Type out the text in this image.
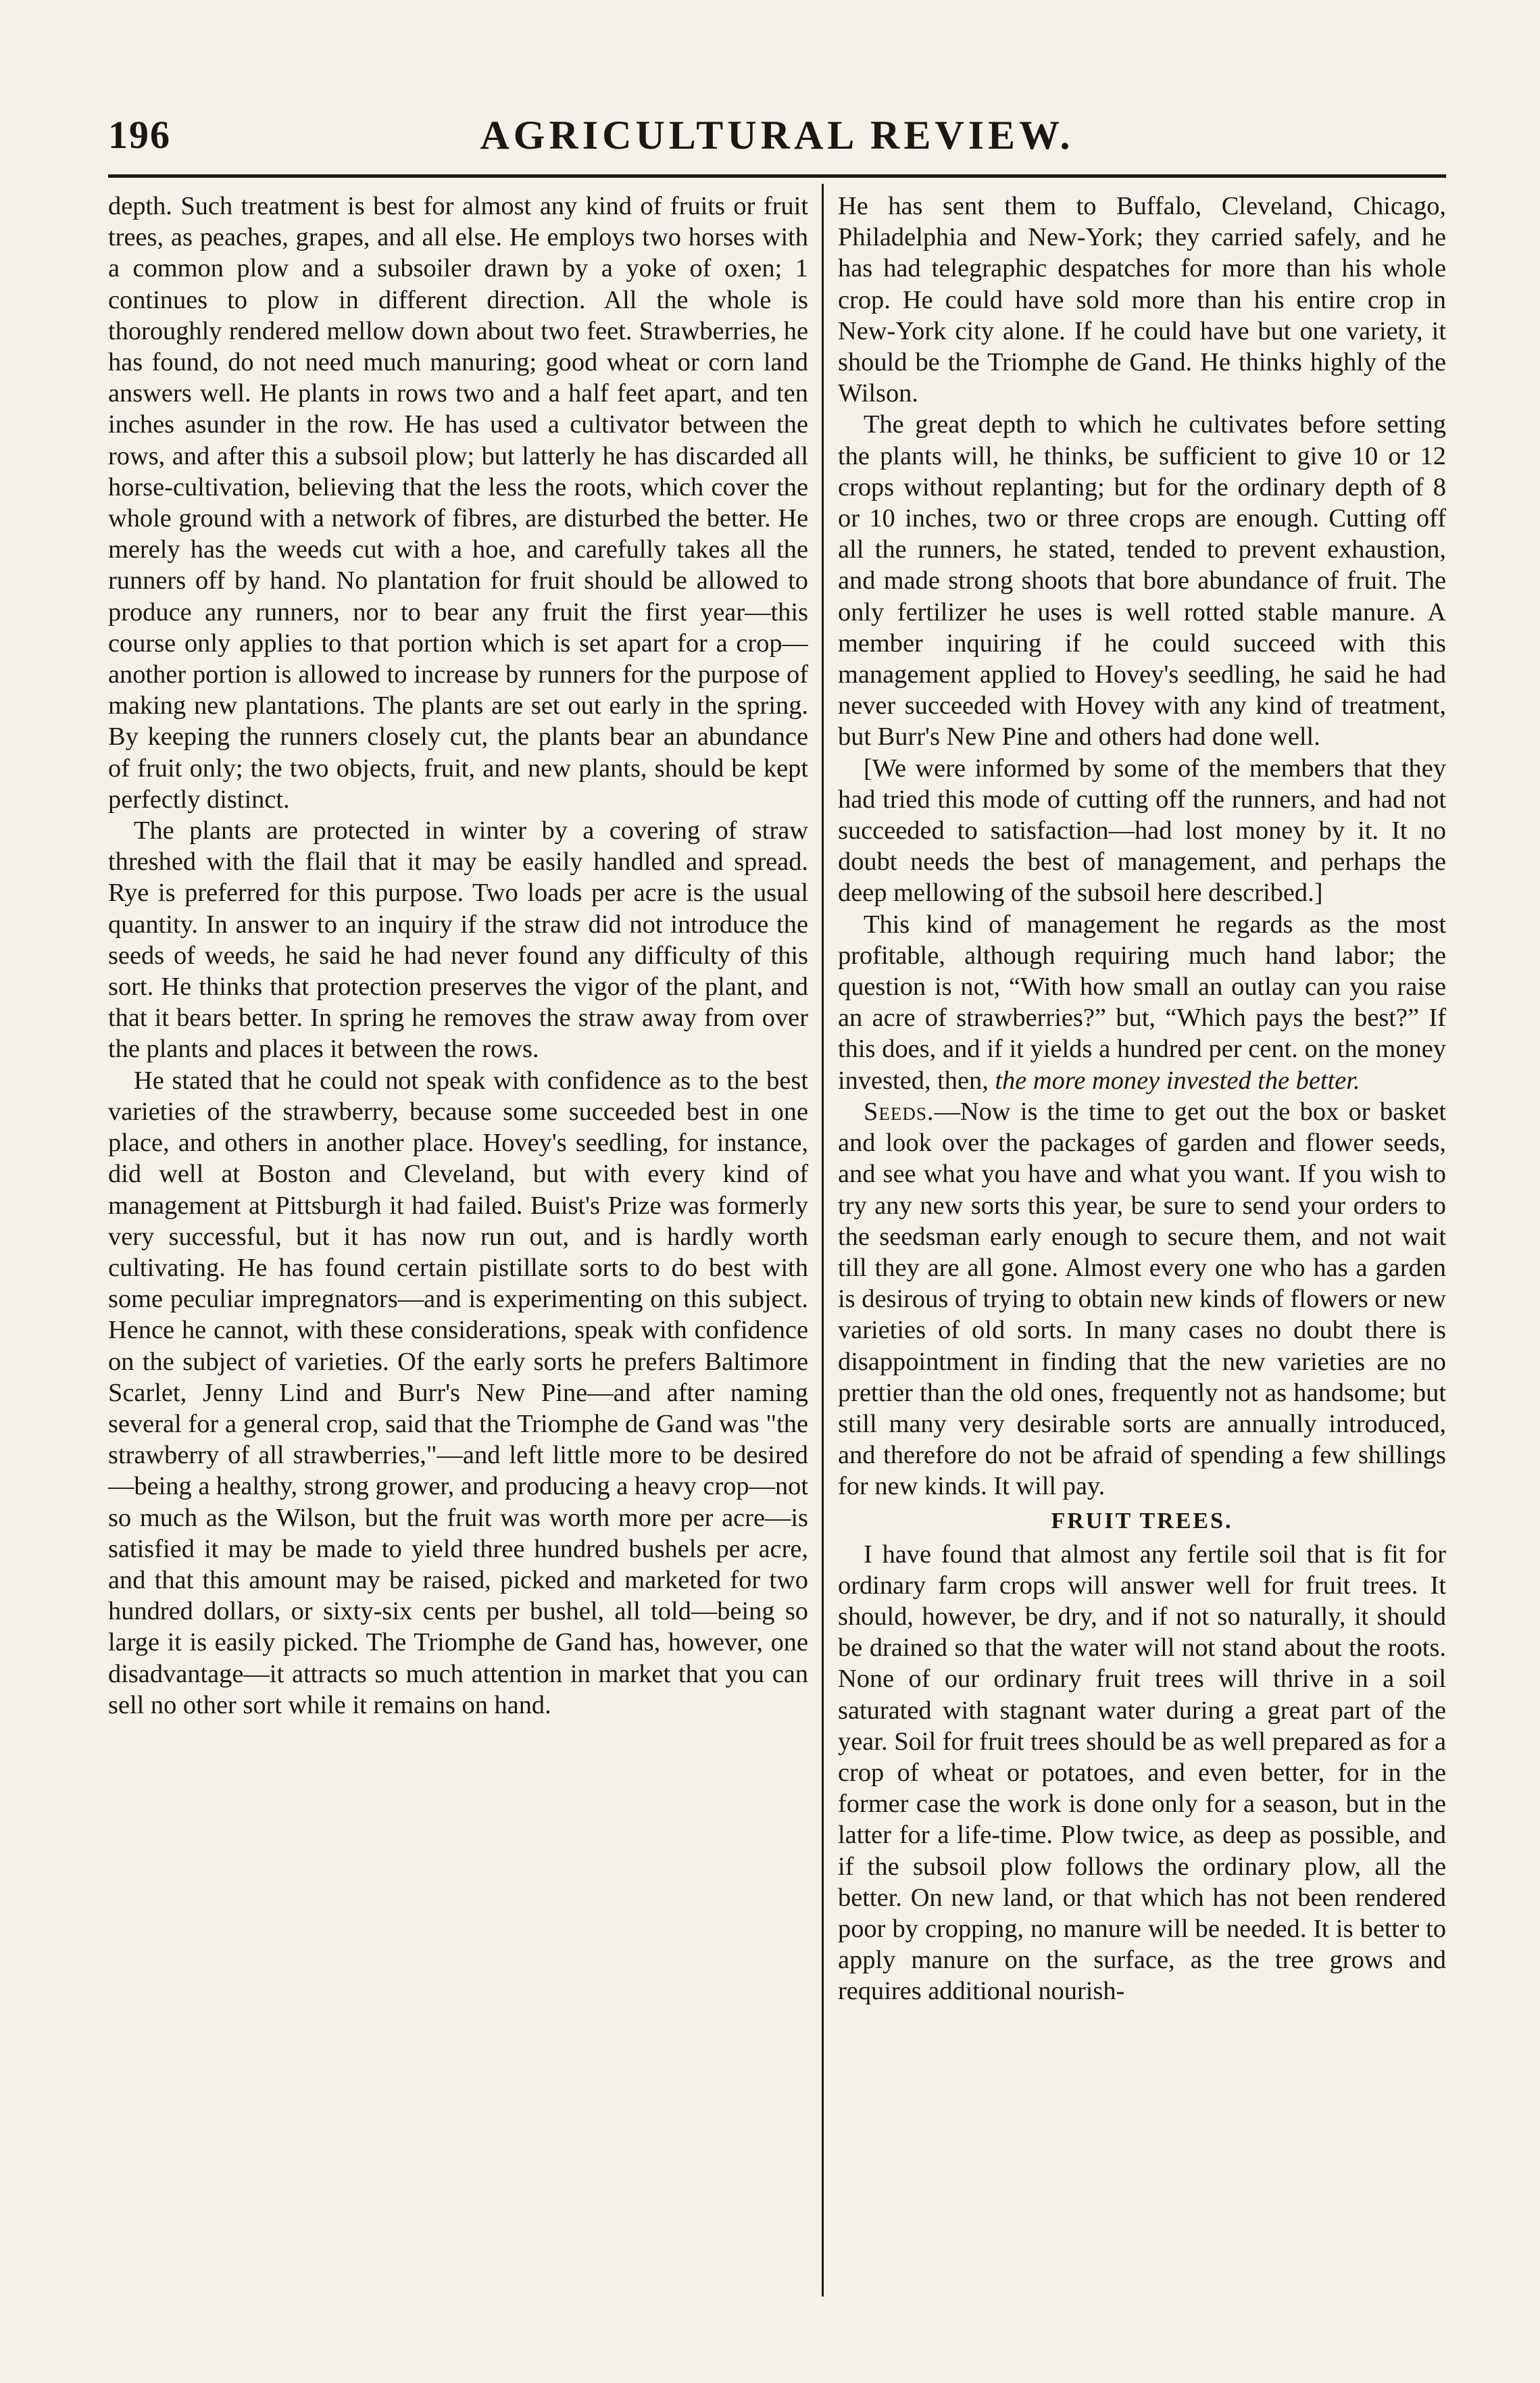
196	AGRICULTURAL REVIEW.

depth. Such treatment is best for almost any kind of fruits or fruit trees, as peaches, grapes, and all else. He employs two horses with a common plow and a subsoiler drawn by a yoke of oxen; 1 continues to plow in different direction. All the whole is thoroughly rendered mellow down about two feet. Strawberries, he has found, do not need much manuring; good wheat or corn land answers well. He plants in rows two and a half feet apart, and ten inches asunder in the row. He has used a cultivator between the rows, and after this a subsoil plow; but latterly he has discarded all horse-cultivation, believing that the less the roots, which cover the whole ground with a network of fibres, are disturbed the better. He merely has the weeds cut with a hoe, and carefully takes all the runners off by hand. No plantation for fruit should be allowed to produce any runners, nor to bear any fruit the first year—this course only applies to that portion which is set apart for a crop—another portion is allowed to increase by runners for the purpose of making new plantations. The plants are set out early in the spring. By keeping the runners closely cut, the plants bear an abundance of fruit only; the two objects, fruit, and new plants, should be kept perfectly distinct.

The plants are protected in winter by a covering of straw threshed with the flail that it may be easily handled and spread. Rye is preferred for this purpose. Two loads per acre is the usual quantity. In answer to an inquiry if the straw did not introduce the seeds of weeds, he said he had never found any difficulty of this sort. He thinks that protection preserves the vigor of the plant, and that it bears better. In spring he removes the straw away from over the plants and places it between the rows.

He stated that he could not speak with confidence as to the best varieties of the strawberry, because some succeeded best in one place, and others in another place. Hovey's seedling, for instance, did well at Boston and Cleveland, but with every kind of management at Pittsburgh it had failed. Buist's Prize was formerly very successful, but it has now run out, and is hardly worth cultivating. He has found certain pistillate sorts to do best with some peculiar impregnators—and is experimenting on this subject. Hence he cannot, with these considerations, speak with confidence on the subject of varieties. Of the early sorts he prefers Baltimore Scarlet, Jenny Lind and Burr's New Pine—and after naming several for a general crop, said that the Triomphe de Gand was "the strawberry of all strawberries,"—and left little more to be desired—being a healthy, strong grower, and producing a heavy crop—not so much as the Wilson, but the fruit was worth more per acre—is satisfied it may be made to yield three hundred bushels per acre, and that this amount may be raised, picked and marketed for two hundred dollars, or sixty-six cents per bushel, all told—being so large it is easily picked. The Triomphe de Gand has, however, one disadvantage—it attracts so much attention in market that you can sell no other sort while it remains on hand.

He has sent them to Buffalo, Cleveland, Chicago, Philadelphia and New-York; they carried safely, and he has had telegraphic despatches for more than his whole crop. He could have sold more than his entire crop in New-York city alone. If he could have but one variety, it should be the Triomphe de Gand. He thinks highly of the Wilson.

The great depth to which he cultivates before setting the plants will, he thinks, be sufficient to give 10 or 12 crops without replanting; but for the ordinary depth of 8 or 10 inches, two or three crops are enough. Cutting off all the runners, he stated, tended to prevent exhaustion, and made strong shoots that bore abundance of fruit. The only fertilizer he uses is well rotted stable manure. A member inquiring if he could succeed with this management applied to Hovey's seedling, he said he had never succeeded with Hovey with any kind of treatment, but Burr's New Pine and others had done well.

[We were informed by some of the members that they had tried this mode of cutting off the runners, and had not succeeded to satisfaction—had lost money by it. It no doubt needs the best of management, and perhaps the deep mellowing of the subsoil here described.]

This kind of management he regards as the most profitable, although requiring much hand labor; the question is not, “With how small an outlay can you raise an acre of strawberries?” but, “Which pays the best?” If this does, and if it yields a hundred per cent. on the money invested, then, the more money invested the better.

Seeds.—Now is the time to get out the box or basket and look over the packages of garden and flower seeds, and see what you have and what you want. If you wish to try any new sorts this year, be sure to send your orders to the seedsman early enough to secure them, and not wait till they are all gone. Almost every one who has a garden is desirous of trying to obtain new kinds of flowers or new varieties of old sorts. In many cases no doubt there is disappointment in finding that the new varieties are no prettier than the old ones, frequently not as handsome; but still many very desirable sorts are annually introduced, and therefore do not be afraid of spending a few shillings for new kinds. It will pay.

FRUIT TREES.

I have found that almost any fertile soil that is fit for ordinary farm crops will answer well for fruit trees. It should, however, be dry, and if not so naturally, it should be drained so that the water will not stand about the roots. None of our ordinary fruit trees will thrive in a soil saturated with stagnant water during a great part of the year. Soil for fruit trees should be as well prepared as for a crop of wheat or potatoes, and even better, for in the former case the work is done only for a season, but in the latter for a life-time. Plow twice, as deep as possible, and if the subsoil plow follows the ordinary plow, all the better. On new land, or that which has not been rendered poor by cropping, no manure will be needed. It is better to apply manure on the surface, as the tree grows and requires additional nourish-
